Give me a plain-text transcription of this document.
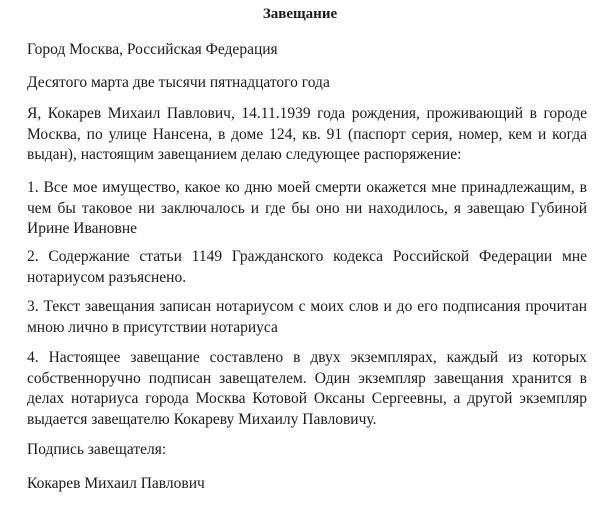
Завещание
Город Москва, Российская Федерация
Десятого марта две тысячи пятнадцатого года
Я, Кокарев Михаил Павлович, 14.11.1939 года рождения, проживающий в городе Москва, по улице Нансена, в доме 124, кв. 91 (паспорт серия, номер, кем и когда выдан), настоящим завещанием делаю следующее распоряжение:
1. Все мое имущество, какое ко дню моей смерти окажется мне принадлежащим, в чем бы таковое ни заключалось и где бы оно ни находилось, я завещаю Губиной Ирине Ивановне
2. Содержание статьи 1149 Гражданского кодекса Российской Федерации мне нотариусом разъяснено.
3. Текст завещания записан нотариусом с моих слов и до его подписания прочитан мною лично в присутствии нотариуса
4. Настоящее завещание составлено в двух экземплярах, каждый из которых собственноручно подписан завещателем. Один экземпляр завещания хранится в делах нотариуса города Москва Котовой Оксаны Сергеевны, а другой экземпляр выдается завещателю Кокареву Михаилу Павловичу.
Подпись завещателя:
Кокарев Михаил Павлович
